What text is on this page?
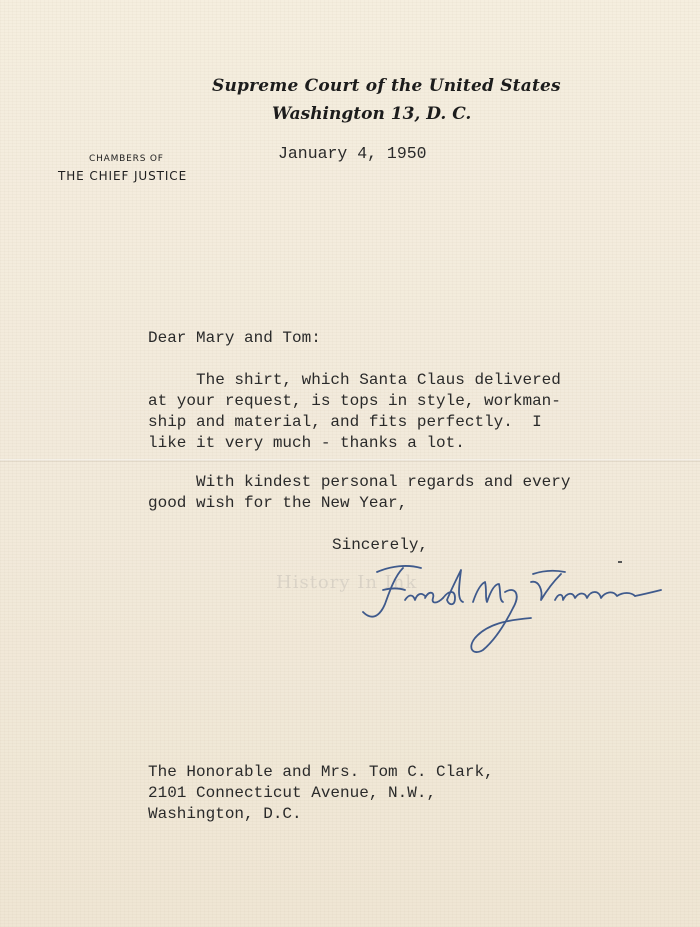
Supreme Court of the United States
Washington 13, D. C.
CHAMBERS OF
THE CHIEF JUSTICE
January 4, 1950
Dear Mary and Tom:
The shirt, which Santa Claus delivered
at your request, is tops in style, workman-
ship and material, and fits perfectly.  I
like it very much - thanks a lot.
With kindest personal regards and every
good wish for the New Year,
Sincerely,
History In Ink
The Honorable and Mrs. Tom C. Clark,
2101 Connecticut Avenue, N.W.,
Washington, D.C.
